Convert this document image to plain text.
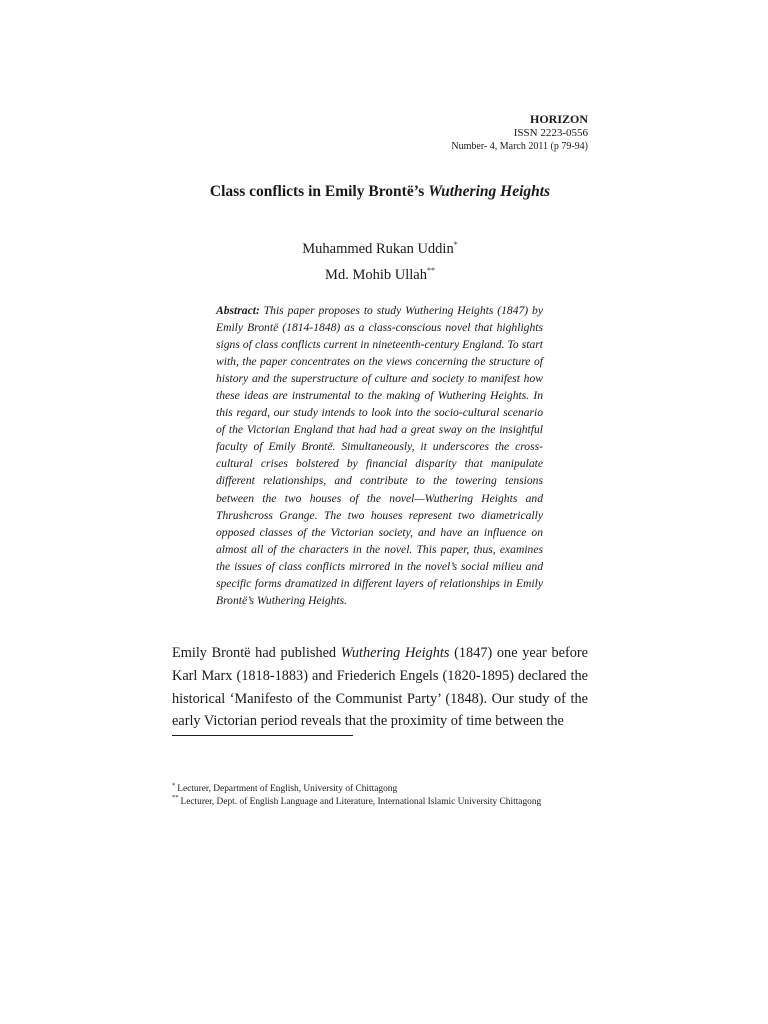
HORIZON
ISSN 2223-0556
Number- 4, March 2011 (p 79-94)
Class conflicts in Emily Brontë’s Wuthering Heights
Muhammed Rukan Uddin*
Md. Mohib Ullah**

Abstract: This paper proposes to study Wuthering Heights (1847) by Emily Brontë (1814-1848) as a class-conscious novel that highlights signs of class conflicts current in nineteenth-century England. To start with, the paper concentrates on the views concerning the structure of history and the superstructure of culture and society to manifest how these ideas are instrumental to the making of Wuthering Heights. In this regard, our study intends to look into the socio-cultural scenario of the Victorian England that had had a great sway on the insightful faculty of Emily Brontë. Simultaneously, it underscores the cross-cultural crises bolstered by financial disparity that manipulate different relationships, and contribute to the towering tensions between the two houses of the novel—Wuthering Heights and Thrushcross Grange. The two houses represent two diametrically opposed classes of the Victorian society, and have an influence on almost all of the characters in the novel. This paper, thus, examines the issues of class conflicts mirrored in the novel’s social milieu and specific forms dramatized in different layers of relationships in Emily Brontë’s Wuthering Heights.

Emily Brontë had published Wuthering Heights (1847) one year before Karl Marx (1818-1883) and Friederich Engels (1820-1895) declared the historical ‘Manifesto of the Communist Party’ (1848). Our study of the early Victorian period reveals that the proximity of time between the

* Lecturer, Department of English, University of Chittagong
** Lecturer, Dept. of English Language and Literature, International Islamic University Chittagong
